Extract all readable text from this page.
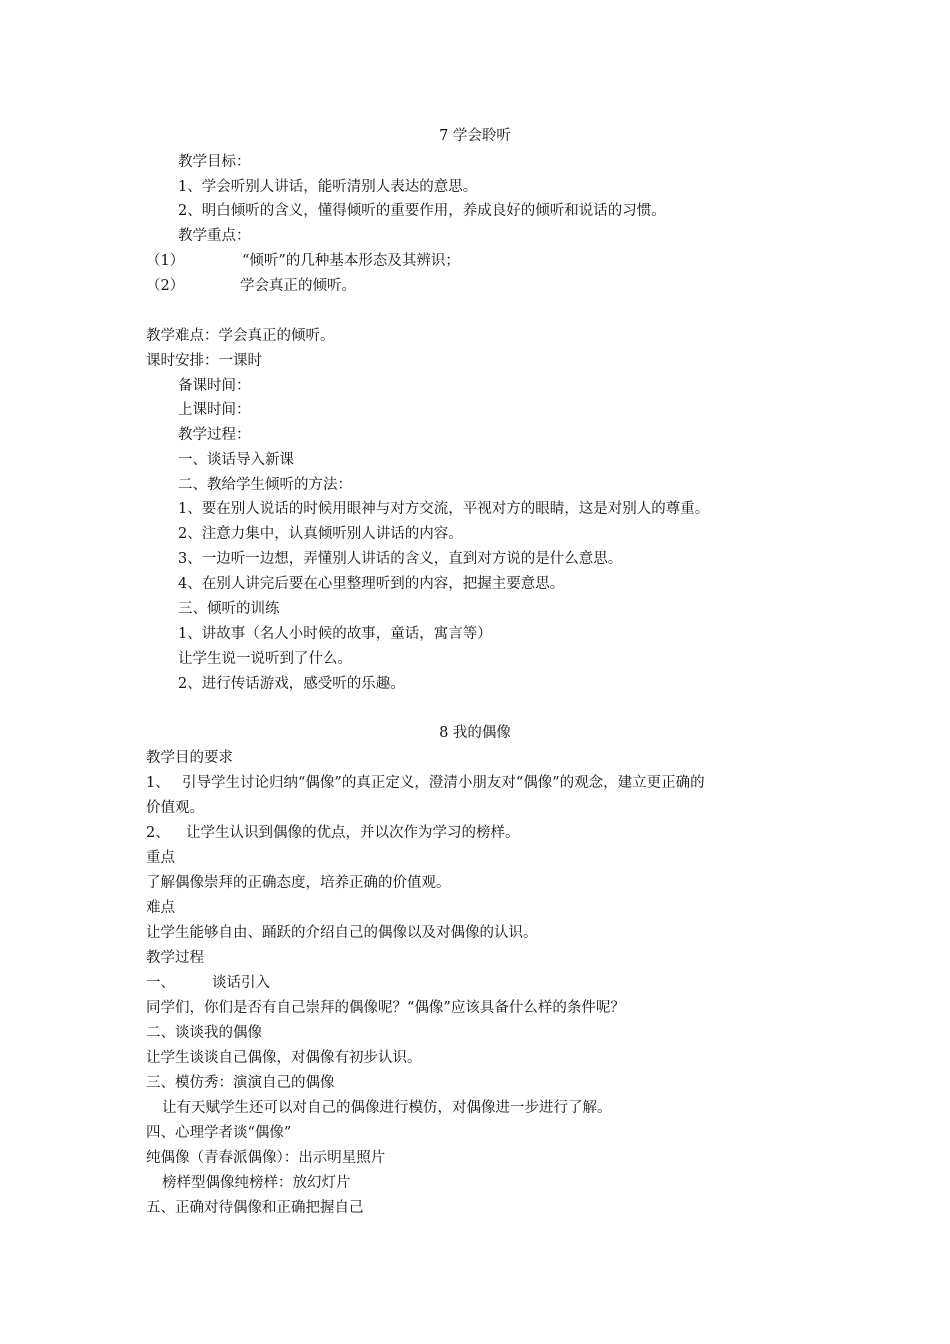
7 学会聆听
教学目标：
1、学会听别人讲话，能听清别人表达的意思。
2、明白倾听的含义，懂得倾听的重要作用，养成良好的倾听和说话的习惯。
教学重点：
（1）	“倾听”的几种基本形态及其辨识；
（2）	学会真正的倾听。
教学难点：学会真正的倾听。
课时安排：一课时
备课时间：
上课时间：
教学过程：
一、谈话导入新课
二、教给学生倾听的方法：
1、要在别人说话的时候用眼神与对方交流，平视对方的眼睛，这是对别人的尊重。
2、注意力集中，认真倾听别人讲话的内容。
3、一边听一边想，弄懂别人讲话的含义，直到对方说的是什么意思。
4、在别人讲完后要在心里整理听到的内容，把握主要意思。
三、倾听的训练
1、讲故事（名人小时候的故事，童话，寓言等）
让学生说一说听到了什么。
2、进行传话游戏，感受听的乐趣。
8 我的偶像
教学目的要求
1、 引导学生讨论归纳“偶像”的真正定义，澄清小朋友对“偶像”的观念，建立更正确的
价值观。
2、 让学生认识到偶像的优点，并以次作为学习的榜样。
重点
了解偶像崇拜的正确态度，培养正确的价值观。
难点
让学生能够自由、踊跃的介绍自己的偶像以及对偶像的认识。
教学过程
一、	谈话引入
同学们，你们是否有自己崇拜的偶像呢？“偶像”应该具备什么样的条件呢？
二、谈谈我的偶像
让学生谈谈自己偶像，对偶像有初步认识。
三、模仿秀：演演自己的偶像
让有天赋学生还可以对自己的偶像进行模仿，对偶像进一步进行了解。
四、心理学者谈“偶像”
纯偶像（青春派偶像）：出示明星照片
榜样型偶像纯榜样：放幻灯片
五、正确对待偶像和正确把握自己
